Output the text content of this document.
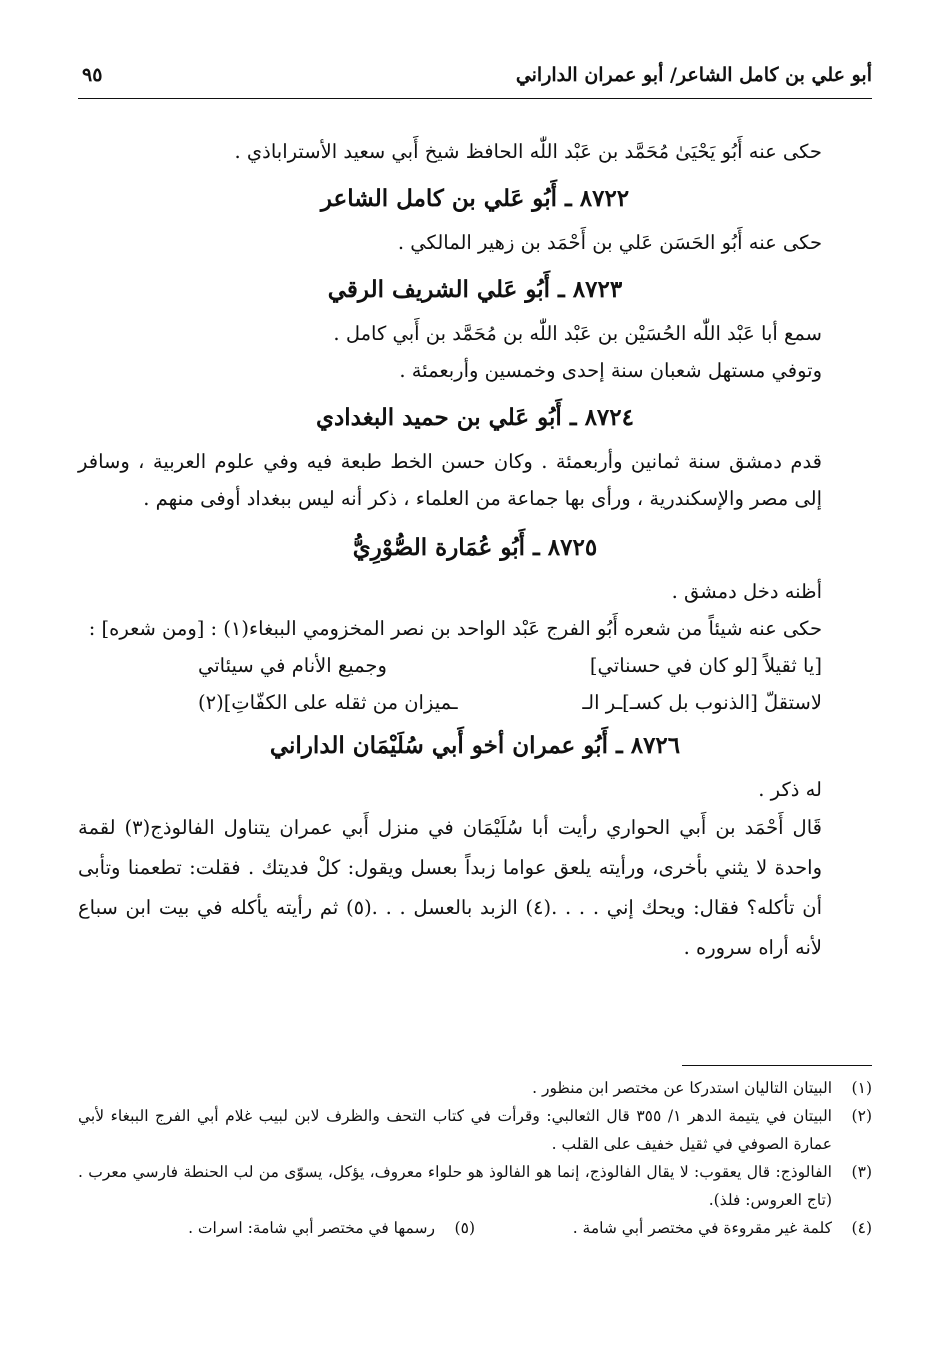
أبو علي بن كامل الشاعر/ أبو عمران الداراني
٩٥

حكى عنه أَبُو يَحْيَىٰ مُحَمَّد بن عَبْد اللّٰه الحافظ شيخ أَبي سعيد الأستراباذي .

٨٧٢٢ـ أَبُو عَلي بن كامل الشاعر

حكى عنه أَبُو الحَسَن عَلي بن أَحْمَد بن زهير المالكي .

٨٧٢٣ـ أَبُو عَلي الشريف الرقي

سمع أبا عَبْد اللّٰه الحُسَيْن بن عَبْد اللّٰه بن مُحَمَّد بن أَبي كامل .

وتوفي مستهل شعبان سنة إحدى وخمسين وأربعمئة .

٨٧٢٤ـ أَبُو عَلي بن حميد البغدادي

قدم دمشق سنة ثمانين وأربعمئة . وكان حسن الخط طبعة فيه وفي علوم العربية ، وسافر إلى مصر والإسكندرية ، ورأى بها جماعة من العلماء ، ذكر أنه ليس ببغداد أوفى منهم .

٨٧٢٥ـ أَبُو عُمَارة الصُّوْرِيُّ

أظنه دخل دمشق .

حكى عنه شيئاً من شعره أَبُو الفرج عَبْد الواحد بن نصر المخزومي الببغاء(١) : [ومن شعره] :

[يا ثقيلاً [لو كان في حسناتي]
وجميع الأنام في سيئاتي
لاستقلّ [الذنوب بل كسـ]ـر الـ
ـميزان من ثقله على الكفّاتِ](٢)
٨٧٢٦ـ أَبُو عمران أخو أَبي سُلَيْمَان الداراني

له ذكر .

قَال أَحْمَد بن أَبي الحواري رأيت أبا سُلَيْمَان في منزل أَبي عمران يتناول الفالوذج(٣) لقمة واحدة لا يثني بأخرى، ورأيته يلعق عواما زبداً بعسل ويقول: كلْ فديتك . فقلت: تطعمنا وتأبى أن تأكله؟ فقال: ويحك إني . . . .(٤) الزبد بالعسل . . .(٥) ثم رأيته يأكله في بيت ابن سباع لأنه أراه سروره .

(١)
البيتان التاليان استدركا عن مختصر ابن منظور .
(٢)
البيتان في يتيمة الدهر ١/ ٣٥٥ قال الثعالبي: وقرأت في كتاب التحف والظرف لابن لبيب غلام أبي الفرج الببغاء لأبي عمارة الصوفي في ثقيل خفيف على القلب .
(٣)
الفالوذج: قال يعقوب: لا يقال الفالوذج، إنما هو الفالوذ هو حلواء معروف، يؤكل، يسوّى من لب الحنطة فارسي معرب . (تاج العروس: فلذ).
(٤)
كلمة غير مقروءة في مختصر أبي شامة .
(٥)
رسمها في مختصر أبي شامة: اسرات .
